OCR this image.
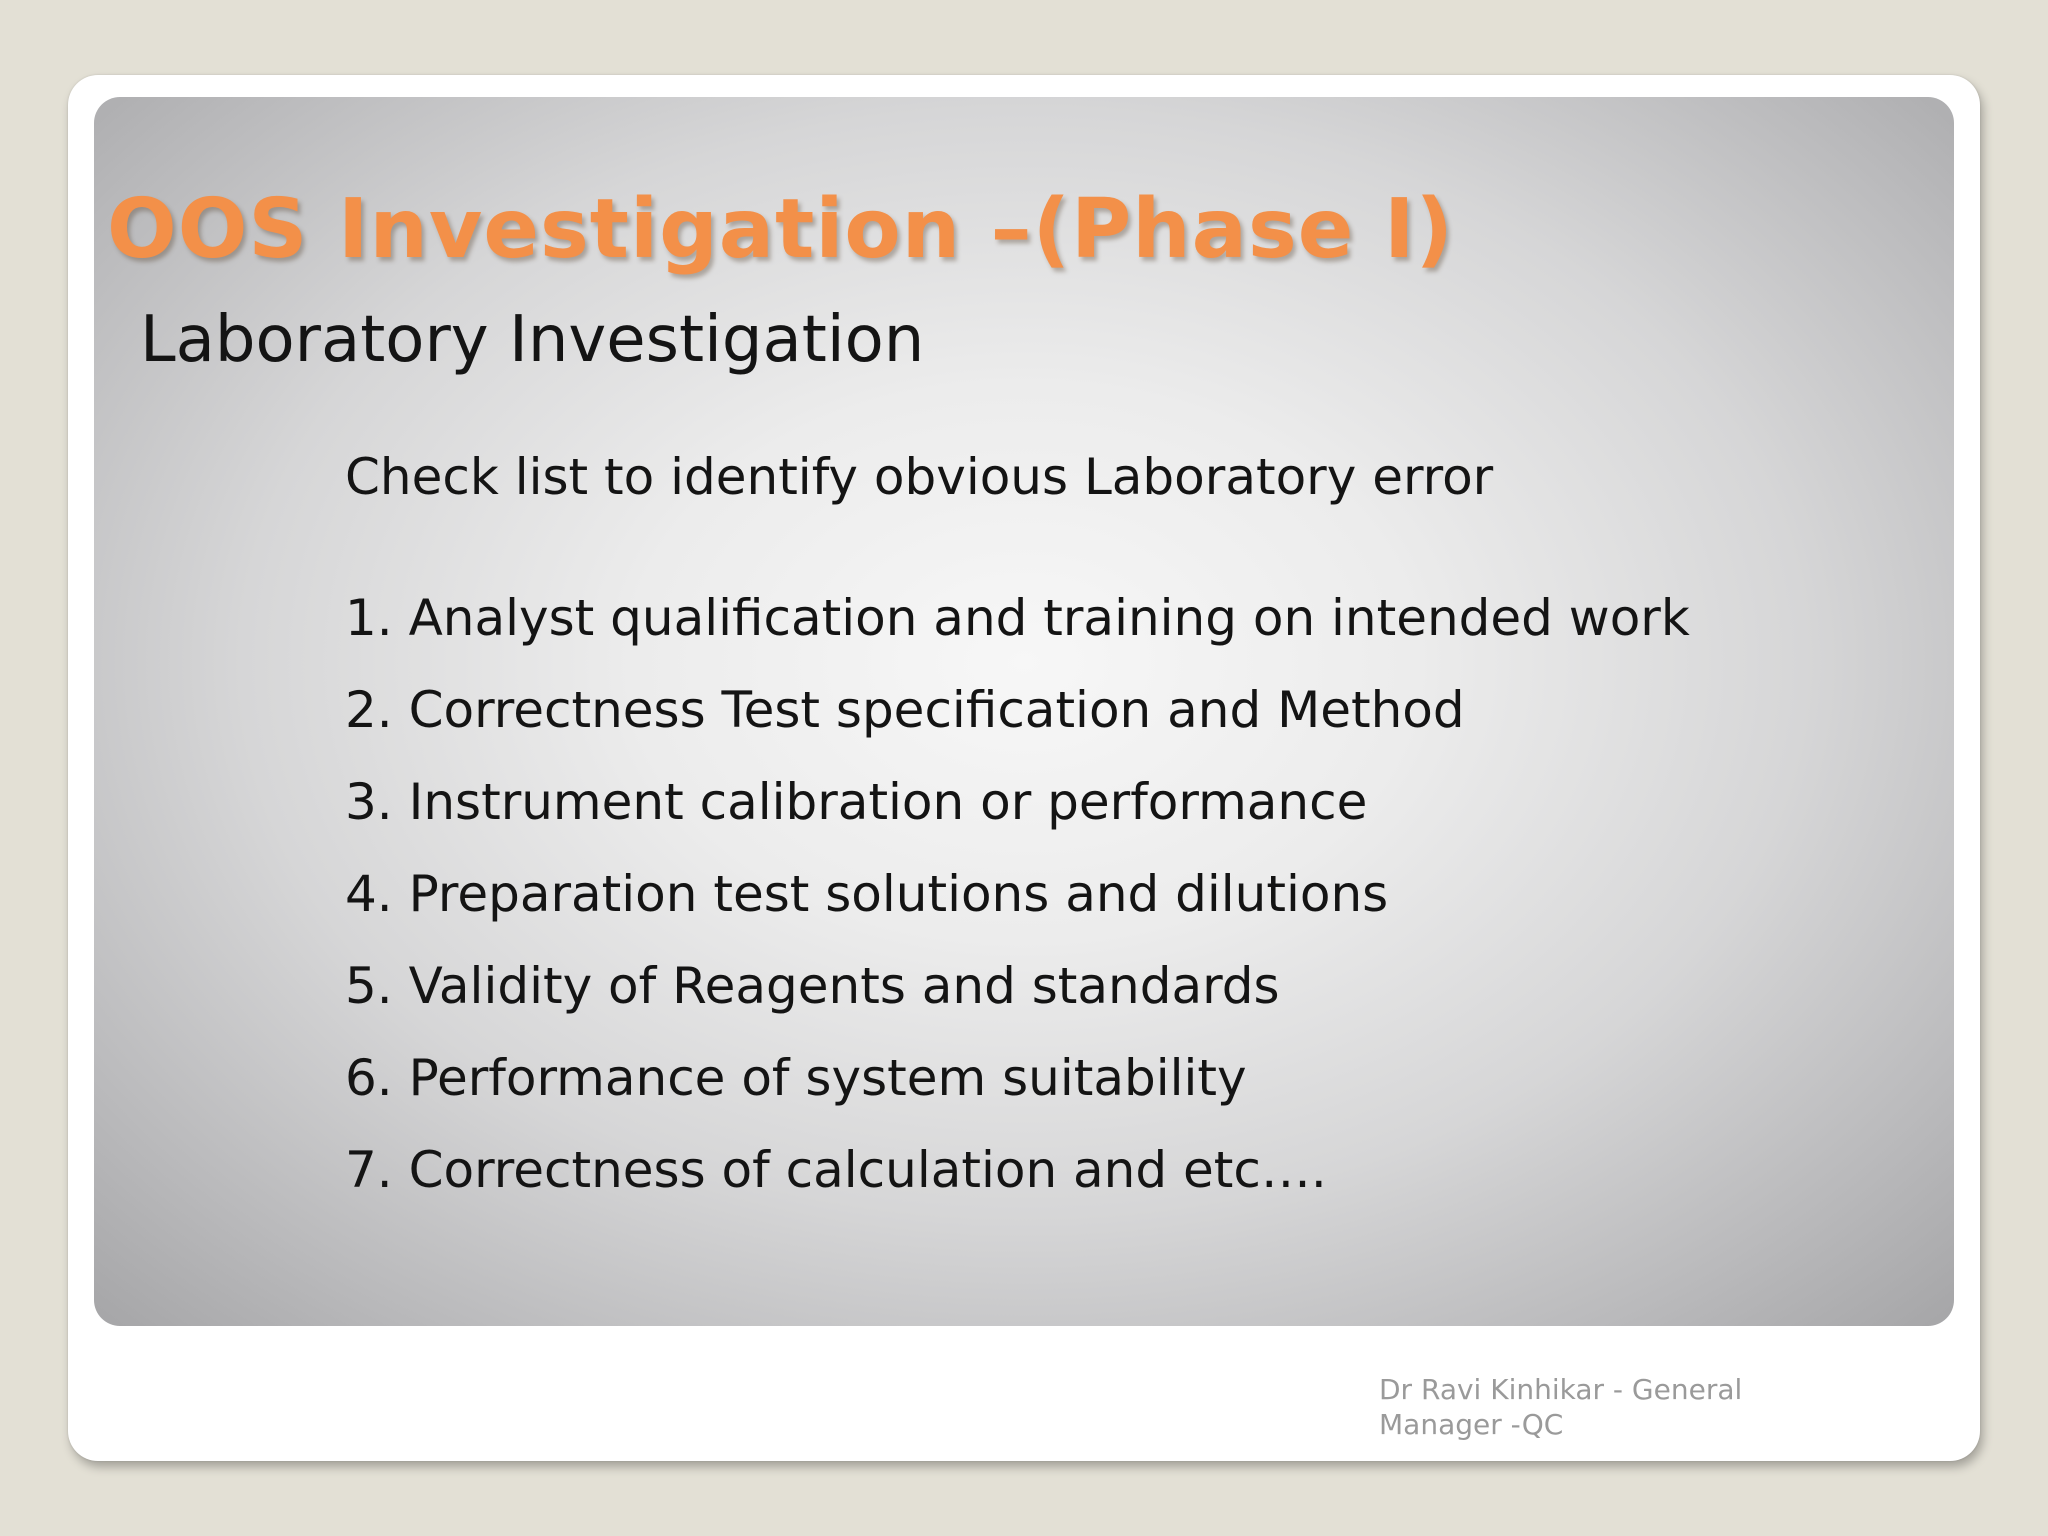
OOS Investigation –(Phase I)
Laboratory Investigation
Check list to identify obvious Laboratory error
1. Analyst qualification and training on intended work
2. Correctness Test specification and Method
3. Instrument calibration or performance
4. Preparation test solutions and dilutions
5. Validity of Reagents and standards
6. Performance of system suitability
7. Correctness of calculation and etc….
Dr Ravi Kinhikar - General Manager -QC
